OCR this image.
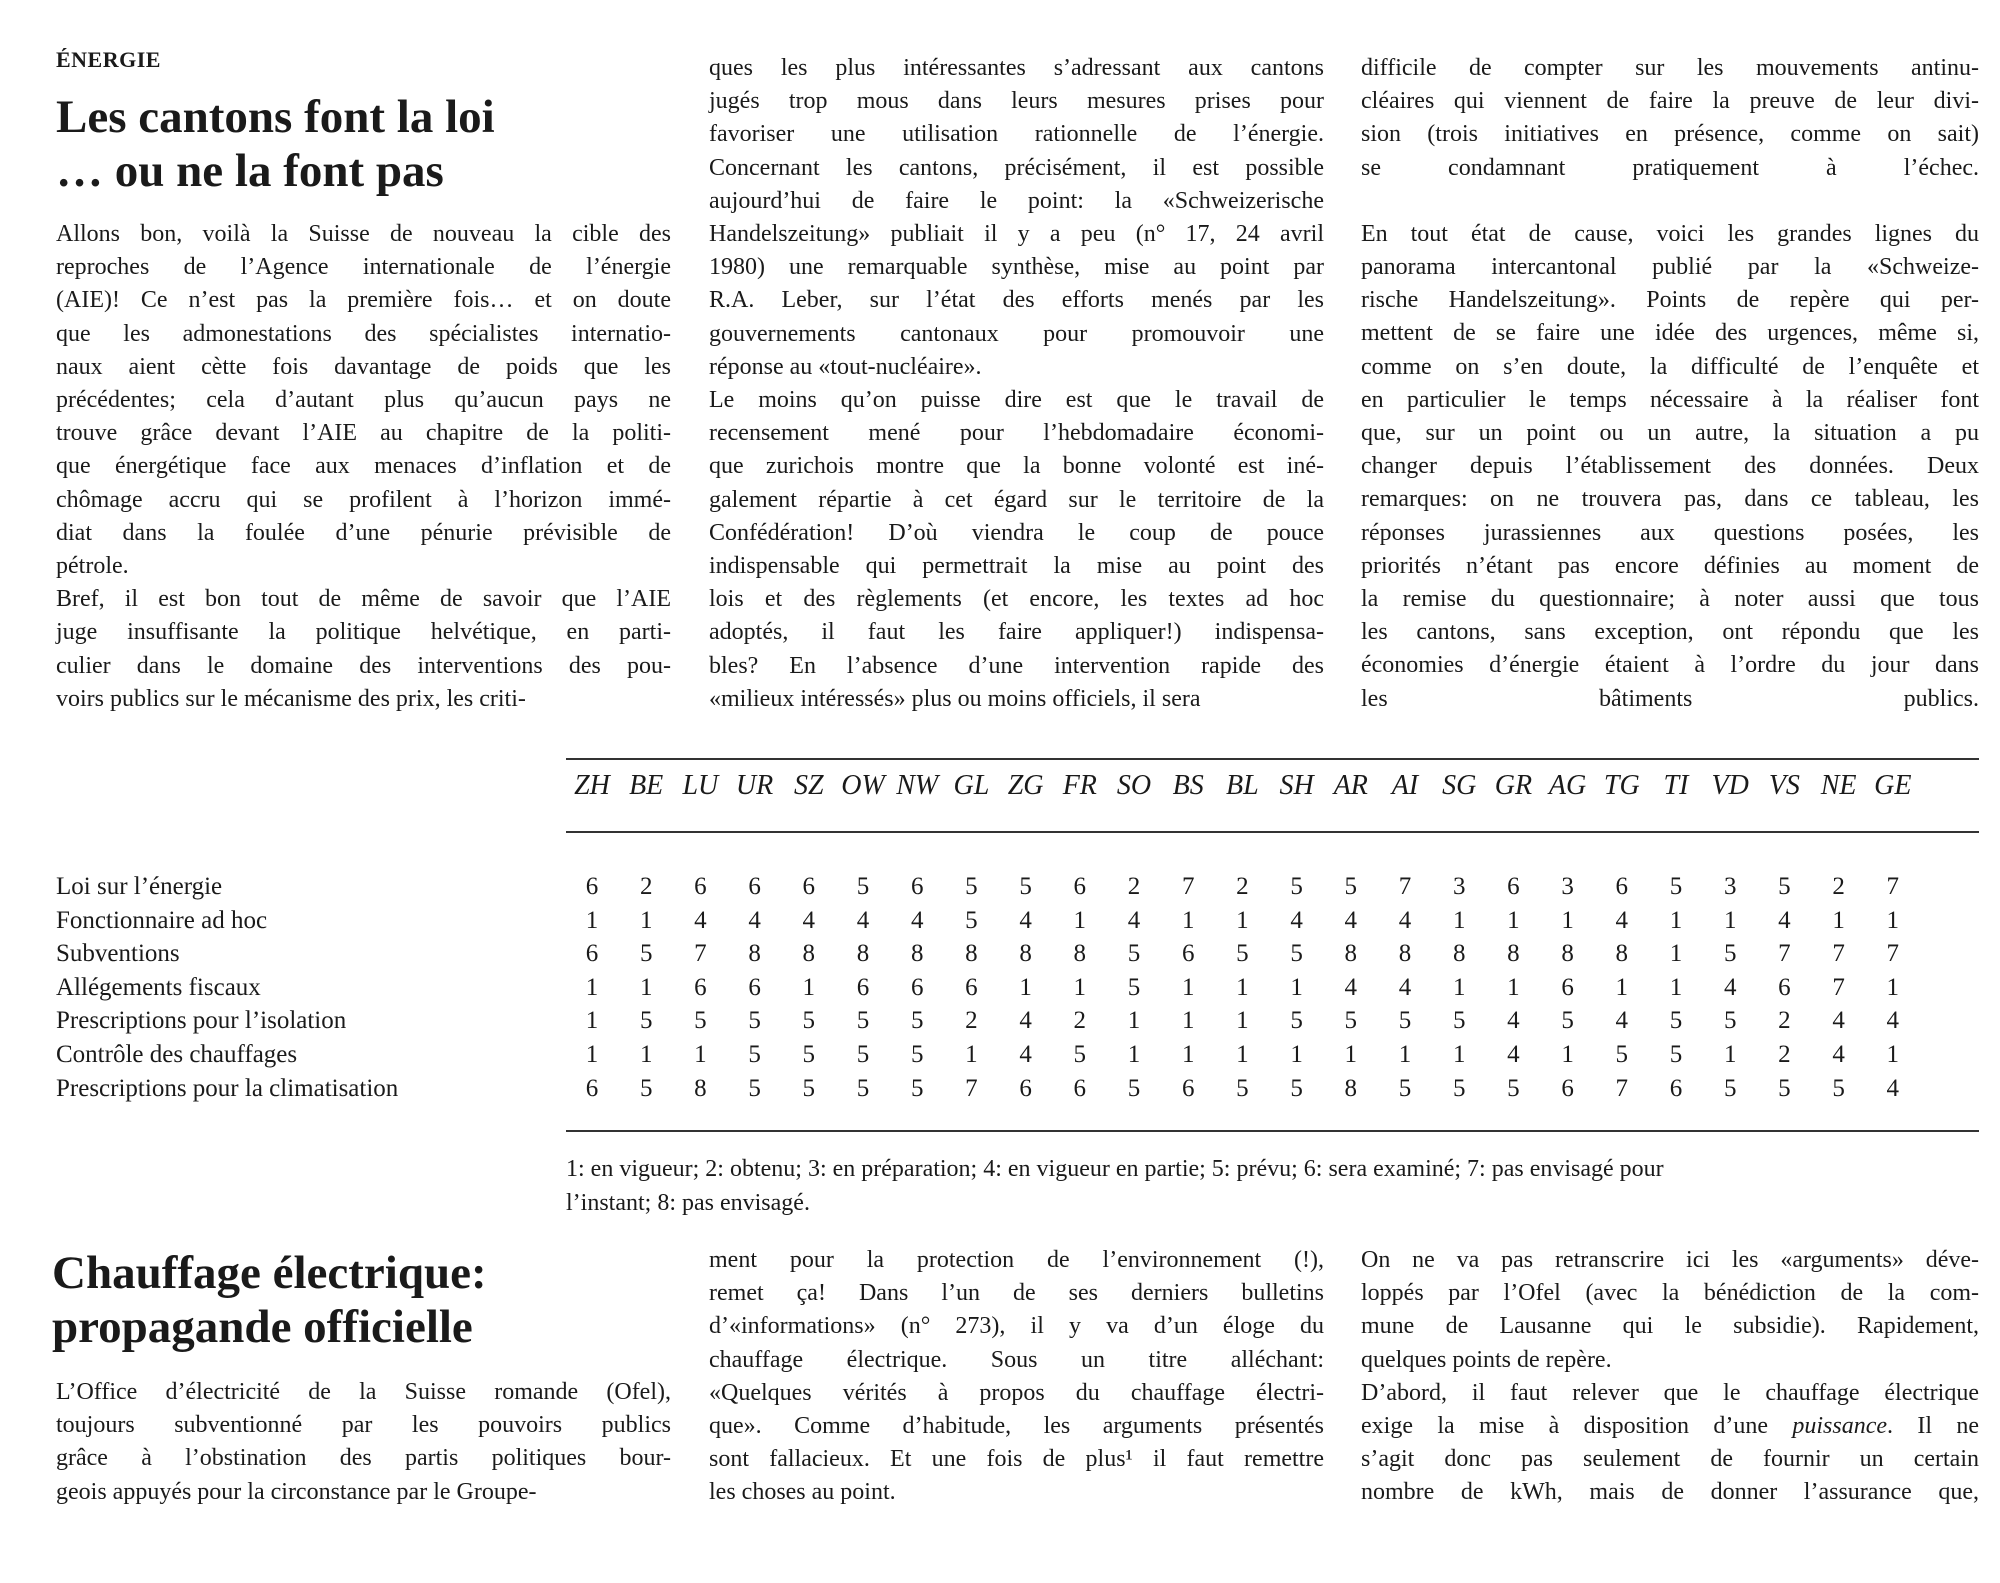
ÉNERGIE
Les cantons font la loi
… ou ne la font pas

Allons bon, voilà la Suisse de nouveau la cible des

reproches de l’Agence internationale de l’énergie

(AIE)! Ce n’est pas la première fois… et on doute

que les admonestations des spécialistes internatio-

naux aient cètte fois davantage de poids que les

précédentes; cela d’autant plus qu’aucun pays ne

trouve grâce devant l’AIE au chapitre de la politi-

que énergétique face aux menaces d’inflation et de

chômage accru qui se profilent à l’horizon immé-

diat dans la foulée d’une pénurie prévisible de

pétrole.

Bref, il est bon tout de même de savoir que l’AIE

juge insuffisante la politique helvétique, en parti-

culier dans le domaine des interventions des pou-

voirs publics sur le mécanisme des prix, les criti-

ques les plus intéressantes s’adressant aux cantons

jugés trop mous dans leurs mesures prises pour

favoriser une utilisation rationnelle de l’énergie.

Concernant les cantons, précisément, il est possible

aujourd’hui de faire le point: la «Schweizerische

Handelszeitung» publiait il y a peu (n° 17, 24 avril

1980) une remarquable synthèse, mise au point par

R.A. Leber, sur l’état des efforts menés par les

gouvernements cantonaux pour promouvoir une

réponse au «tout-nucléaire».

Le moins qu’on puisse dire est que le travail de

recensement mené pour l’hebdomadaire économi-

que zurichois montre que la bonne volonté est iné-

galement répartie à cet égard sur le territoire de la

Confédération! D’où viendra le coup de pouce

indispensable qui permettrait la mise au point des

lois et des règlements (et encore, les textes ad hoc

adoptés, il faut les faire appliquer!) indispensa-

bles? En l’absence d’une intervention rapide des

«milieux intéressés» plus ou moins officiels, il sera

difficile de compter sur les mouvements antinu-

cléaires qui viennent de faire la preuve de leur divi-

sion (trois initiatives en présence, comme on sait)

se condamnant pratiquement à l’échec.

En tout état de cause, voici les grandes lignes du

panorama intercantonal publié par la «Schweize-

rische Handelszeitung». Points de repère qui per-

mettent de se faire une idée des urgences, même si,

comme on s’en doute, la difficulté de l’enquête et

en particulier le temps nécessaire à la réaliser font

que, sur un point ou un autre, la situation a pu

changer depuis l’établissement des données. Deux

remarques: on ne trouvera pas, dans ce tableau, les

réponses jurassiennes aux questions posées, les

priorités n’étant pas encore définies au moment de

la remise du questionnaire; à noter aussi que tous

les cantons, sans exception, ont répondu que les

économies d’énergie étaient à l’ordre du jour dans

les bâtiments publics.

ZH BE LU UR SZ OW NW GL ZG FR SO BS BL SH AR AI SG GR AG TG TI VD VS NE GE
Loi sur l’énergie	6	2	6	6	6	5	6	5	5	6	2	7	2	5	5	7	3	6	3	6	5	3	5	2	7
Fonctionnaire ad hoc	1	1	4	4	4	4	4	5	4	1	4	1	1	4	4	4	1	1	1	4	1	1	4	1	1
Subventions	6	5	7	8	8	8	8	8	8	8	5	6	5	5	8	8	8	8	8	8	1	5	7	7	7
Allégements fiscaux	1	1	6	6	1	6	6	6	1	1	5	1	1	1	4	4	1	1	6	1	1	4	6	7	1
Prescriptions pour l’isolation	1	5	5	5	5	5	5	2	4	2	1	1	1	5	5	5	5	4	5	4	5	5	2	4	4
Contrôle des chauffages	1	1	1	5	5	5	5	1	4	5	1	1	1	1	1	1	1	4	1	5	5	1	2	4	1
Prescriptions pour la climatisation	6	5	8	5	5	5	5	7	6	6	5	6	5	5	8	5	5	5	6	7	6	5	5	5	4

1: en vigueur; 2: obtenu; 3: en préparation; 4: en vigueur en partie; 5: prévu; 6: sera examiné; 7: pas envisagé pour
l’instant; 8: pas envisagé.

Chauffage électrique:
propagande officielle

L’Office d’électricité de la Suisse romande (Ofel),

toujours subventionné par les pouvoirs publics

grâce à l’obstination des partis politiques bour-

geois appuyés pour la circonstance par le Groupe-

ment pour la protection de l’environnement (!),

remet ça! Dans l’un de ses derniers bulletins

d’«informations» (n° 273), il y va d’un éloge du

chauffage électrique. Sous un titre alléchant:

«Quelques vérités à propos du chauffage électri-

que». Comme d’habitude, les arguments présentés

sont fallacieux. Et une fois de plus¹ il faut remettre

les choses au point.

On ne va pas retranscrire ici les «arguments» déve-

loppés par l’Ofel (avec la bénédiction de la com-

mune de Lausanne qui le subsidie). Rapidement,

quelques points de repère.

D’abord, il faut relever que le chauffage électrique

exige la mise à disposition d’une puissance. Il ne

s’agit donc pas seulement de fournir un certain

nombre de kWh, mais de donner l’assurance que,
